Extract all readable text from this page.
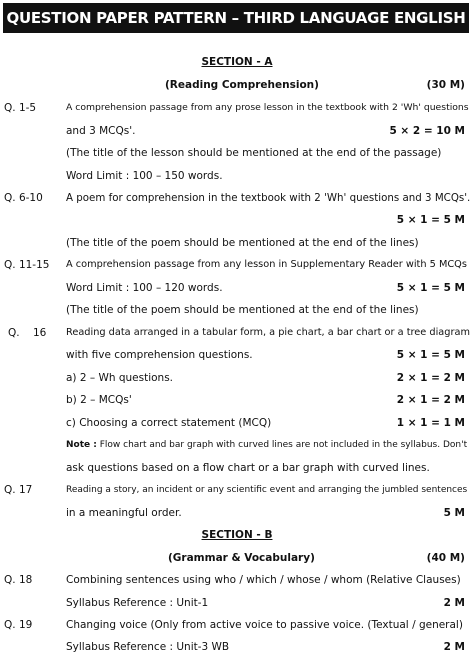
QUESTION PAPER PATTERN – THIRD LANGUAGE ENGLISH
SECTION - A
(Reading Comprehension)	(30 M)
Q. 1-5	A comprehension passage from any prose lesson in the textbook with 2 'Wh' questions
and 3 MCQs'.	5 × 2 = 10 M
(The title of the lesson should be mentioned at the end of the passage)
Word Limit : 100 – 150 words.
Q. 6-10 A poem for comprehension in the textbook with 2 'Wh' questions and 3 MCQs'.
5 × 1 = 5 M
(The title of the poem should be mentioned at the end of the lines)
Q. 11-15 A comprehension passage from any lesson in Supplementary Reader with 5 MCQs
Word Limit : 100 – 120 words.	5 × 1 = 5 M
(The title of the poem should be mentioned at the end of the lines)
Q. 16 Reading data arranged in a tabular form, a pie chart, a bar chart or a tree diagram
with five comprehension questions.	5 × 1 = 5 M
a) 2 – Wh questions.	2 × 1 = 2 M
b) 2 – MCQs'	2 × 1 = 2 M
c) Choosing a correct statement (MCQ)	1 × 1 = 1 M
Note : Flow chart and bar graph with curved lines are not included in the syllabus. Don't
ask questions based on a flow chart or a bar graph with curved lines.
Q. 17	Reading a story, an incident or any scientific event and arranging the jumbled sentences
in a meaningful order.	5 M
SECTION - B
(Grammar & Vocabulary)	(40 M)
Q. 18	Combining sentences using who / which / whose / whom (Relative Clauses)
Syllabus Reference : Unit-1	2 M
Q. 19	Changing voice (Only from active voice to passive voice. (Textual / general)
Syllabus Reference : Unit-3 WB	2 M
